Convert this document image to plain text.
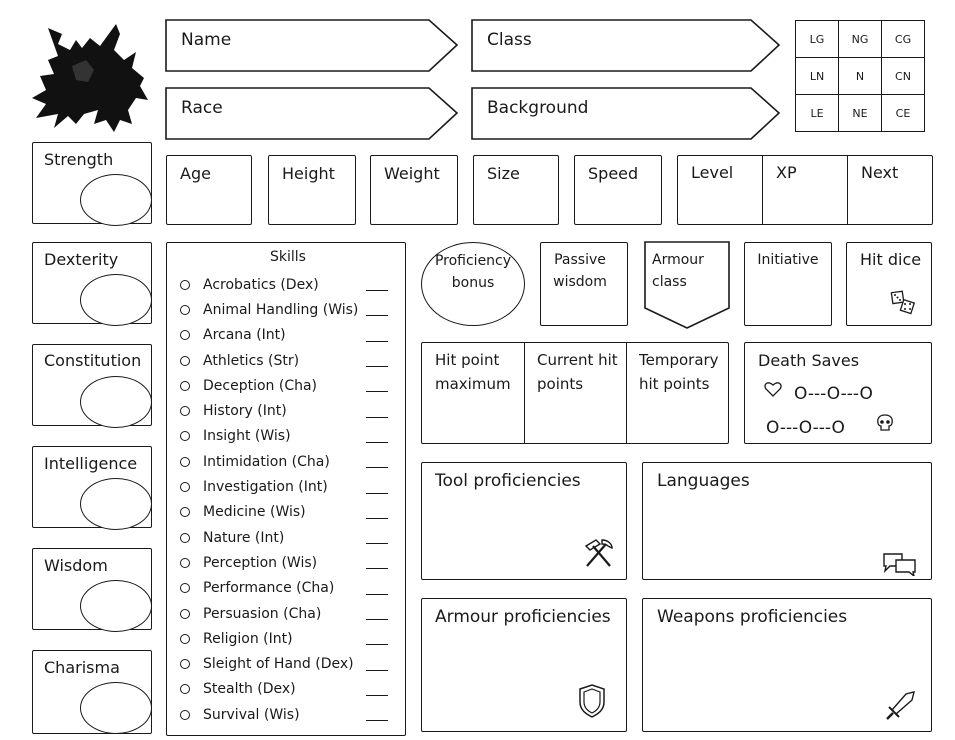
Name	Class
Race	Background
LG	NG	CG
LN	N	CN
LE	NE	CE
Strength
Dexterity
Constitution
Intelligence
Wisdom
Charisma
Age	Height	Weight	Size	Speed	Level	XP	Next
Skills
Acrobatics (Dex)
Animal Handling (Wis)
Arcana (Int)
Athletics (Str)
Deception (Cha)
History (Int)
Insight (Wis)
Intimidation (Cha)
Investigation (Int)
Medicine (Wis)
Nature (Int)
Perception (Wis)
Performance (Cha)
Persuasion (Cha)
Religion (Int)
Sleight of Hand (Dex)
Stealth (Dex)
Survival (Wis)
Proficiency bonus
Passive wisdom
Armour class
Initiative	Hit dice
Hit point maximum
Current hit points
Temporary hit points
Death Saves
O---O---O
O---O---O
Tool proficiencies	Languages
Armour proficiencies	Weapons proficiencies
